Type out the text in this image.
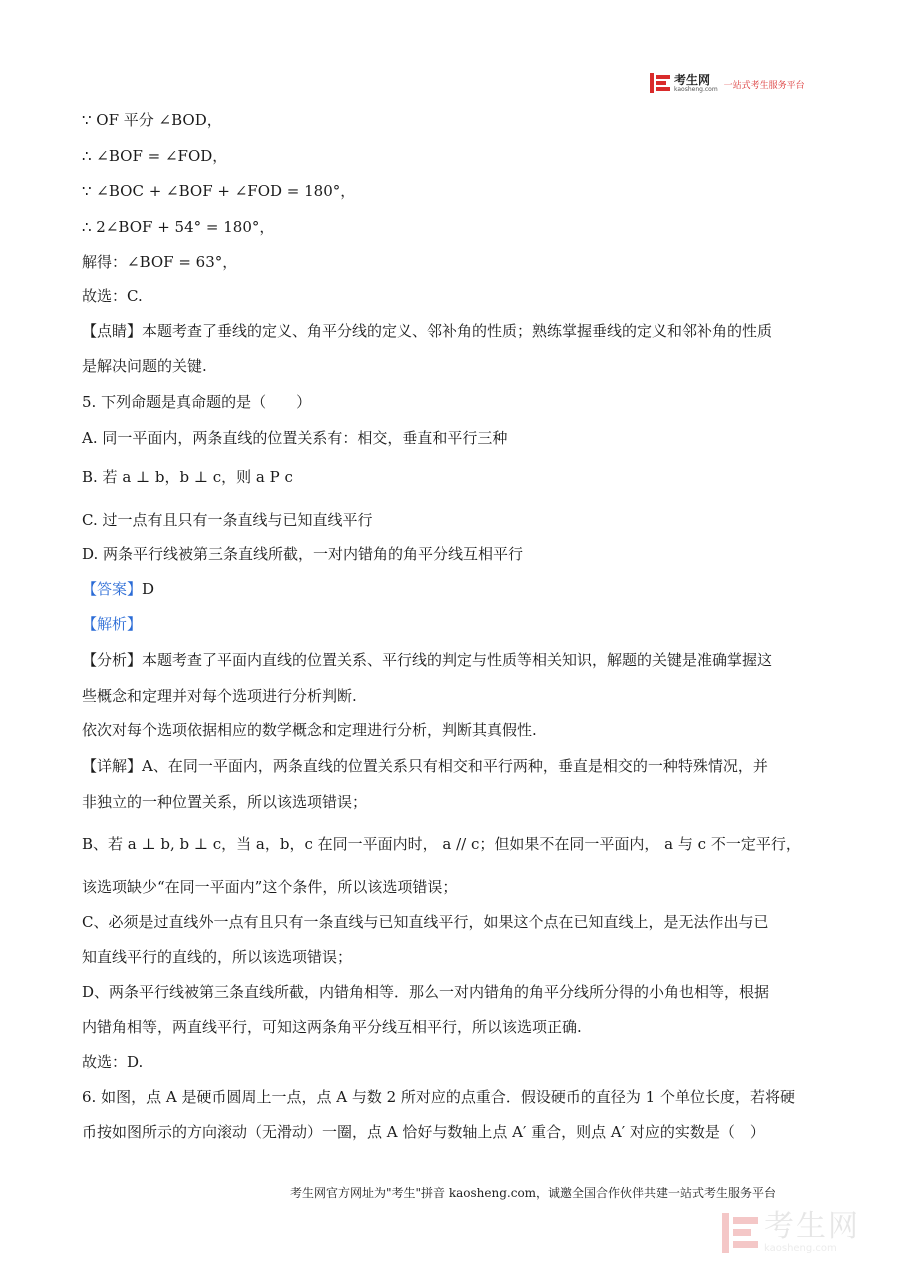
考生网
kaosheng.com 一站式考生服务平台
∵ OF 平分 ∠BOD，
∴ ∠BOF = ∠FOD，
∵ ∠BOC + ∠BOF + ∠FOD = 180°，
∴ 2∠BOF + 54° = 180°，
解得：∠BOF = 63°，
故选：C.
【点睛】本题考查了垂线的定义、角平分线的定义、邻补角的性质；熟练掌握垂线的定义和邻补角的性质
是解决问题的关键.
5. 下列命题是真命题的是（　　）
A. 同一平面内，两条直线的位置关系有：相交，垂直和平行三种
B. 若 a ⊥ b，b ⊥ c，则 a P c
C. 过一点有且只有一条直线与已知直线平行
D. 两条平行线被第三条直线所截，一对内错角的角平分线互相平行
【答案】D
【解析】
【分析】本题考查了平面内直线的位置关系、平行线的判定与性质等相关知识，解题的关键是准确掌握这
些概念和定理并对每个选项进行分析判断.
依次对每个选项依据相应的数学概念和定理进行分析，判断其真假性.
【详解】A、在同一平面内，两条直线的位置关系只有相交和平行两种，垂直是相交的一种特殊情况，并
非独立的一种位置关系，所以该选项错误；
B、若 a ⊥ b, b ⊥ c，当 a，b，c 在同一平面内时， a // c；但如果不在同一平面内， a 与 c 不一定平行，
该选项缺少“在同一平面内”这个条件，所以该选项错误；
C、必须是过直线外一点有且只有一条直线与已知直线平行，如果这个点在已知直线上，是无法作出与已
知直线平行的直线的，所以该选项错误；
D、两条平行线被第三条直线所截，内错角相等．那么一对内错角的角平分线所分得的小角也相等，根据
内错角相等，两直线平行，可知这两条角平分线互相平行，所以该选项正确.
故选：D.
6. 如图，点 A 是硬币圆周上一点，点 A 与数 2 所对应的点重合．假设硬币的直径为 1 个单位长度，若将硬
币按如图所示的方向滚动（无滑动）一圈，点 A 恰好与数轴上点 A′ 重合，则点 A′ 对应的实数是（　）
考生网官方网址为"考生"拼音 kaosheng.com，诚邀全国合作伙伴共建一站式考生服务平台
考生网
kaosheng.com
